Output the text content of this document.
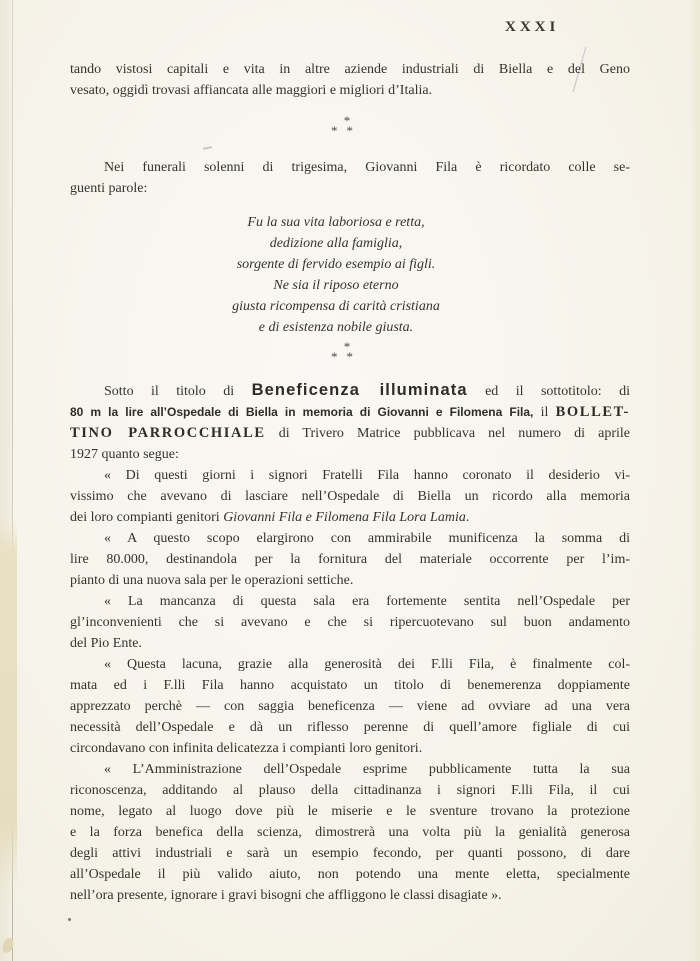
XXXI

tando vistosi capitali e vita in altre aziende industriali di Biella e del Geno
vesato, oggidì trovasi affiancata alle maggiori e migliori d’Italia.

*
**

Nei funerali solenni di trigesima, Giovanni Fila è ricordato colle se-
guenti parole:

Fu la sua vita laboriosa e retta,
dedizione alla famiglia,
sorgente di fervido esempio ai figli.
Ne sia il riposo eterno
giusta ricompensa di carità cristiana
e di esistenza nobile giusta.
*
**

Sotto il titolo di Beneficenza illuminata ed il sottotitolo: di
80 m la lire all’Ospedale di Biella in memoria di Giovanni e Filomena Fila, il BOLLET-
TINO PARROCCHIALE di Trivero Matrice pubblicava nel numero di aprile
1927 quanto segue:

« Di questi giorni i signori Fratelli Fila hanno coronato il desiderio vi-
vissimo che avevano di lasciare nell’Ospedale di Biella un ricordo alla memoria
dei loro compianti genitori Giovanni Fila e Filomena Fila Lora Lamia.

« A questo scopo elargirono con ammirabile munificenza la somma di
lire 80.000, destinandola per la fornitura del materiale occorrente per l’im-
pianto di una nuova sala per le operazioni settiche.

« La mancanza di questa sala era fortemente sentita nell’Ospedale per
gl’inconvenienti che si avevano e che si ripercuotevano sul buon andamento
del Pio Ente.

« Questa lacuna, grazie alla generosità dei F.lli Fila, è finalmente col-
mata ed i F.lli Fila hanno acquistato un titolo di benemerenza doppiamente
apprezzato perchè — con saggia beneficenza — viene ad ovviare ad una vera
necessità dell’Ospedale e dà un riflesso perenne di quell’amore figliale di cui
circondavano con infinita delicatezza i compianti loro genitori.

« L’Amministrazione dell’Ospedale esprime pubblicamente tutta la sua
riconoscenza, additando al plauso della cittadinanza i signori F.lli Fila, il cui
nome, legato al luogo dove più le miserie e le sventure trovano la protezione
e la forza benefica della scienza, dimostrerà una volta più la genialità generosa
degli attivi industriali e sarà un esempio fecondo, per quanti possono, di dare
all’Ospedale il più valido aiuto, non potendo una mente eletta, specialmente
nell’ora presente, ignorare i gravi bisogni che affliggono le classi disagiate ».
